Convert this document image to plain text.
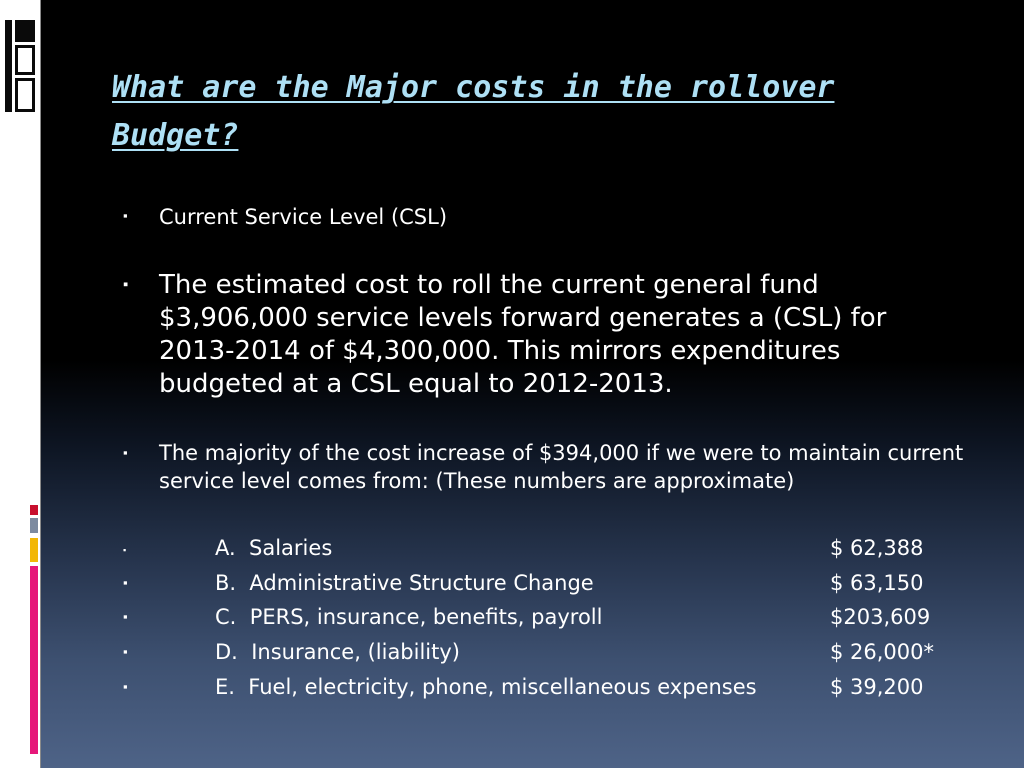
What are the Major costs in the rollover Budget?
▪ Current Service Level (CSL)

▪ The estimated cost to roll the current general fund $3,906,000 service levels forward generates a (CSL) for 2013-2014 of $4,300,000. This mirrors expenditures budgeted at a CSL equal to 2012-2013.

▪ The majority of the cost increase of $394,000 if we were to maintain current service level comes from: (These numbers are approximate)

▪	A.  Salaries	$ 62,388
▪	B.  Administrative Structure Change	$ 63,150
▪	C.  PERS, insurance, benefits, payroll	$203,609
▪	D.  Insurance, (liability)	$ 26,000*
▪	E.  Fuel, electricity, phone, miscellaneous expenses	$ 39,200
